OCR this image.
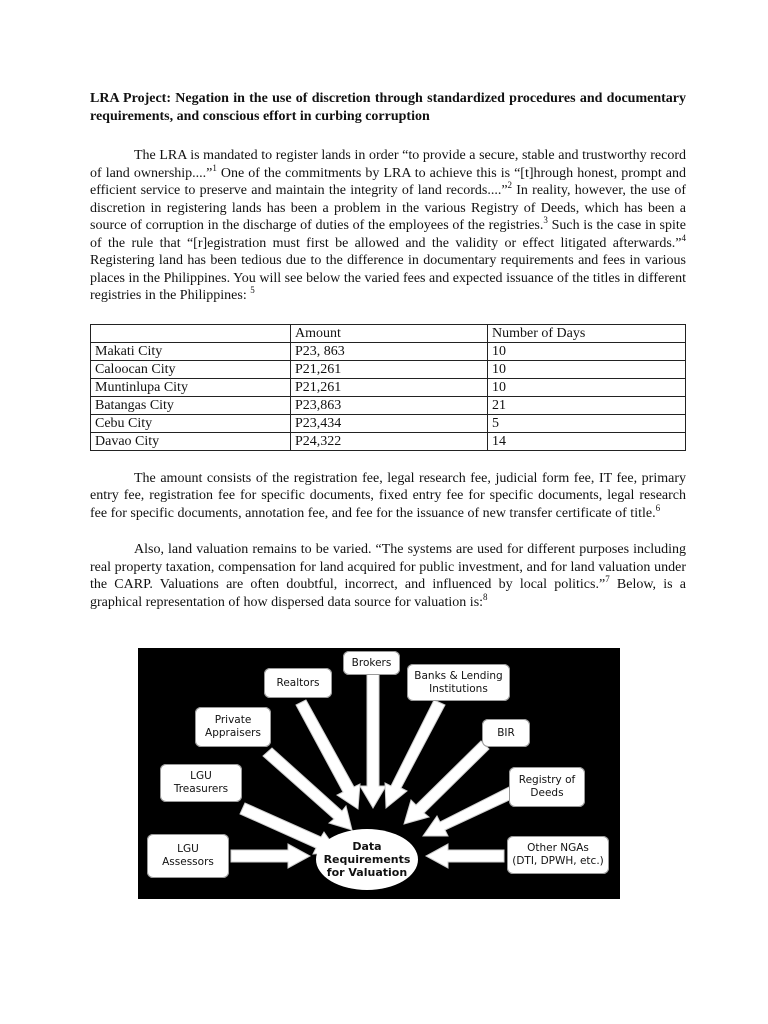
LRA Project: Negation in the use of discretion through standardized procedures and documentary requirements, and conscious effort in curbing corruption

The LRA is mandated to register lands in order “to provide a secure, stable and trustworthy record of land ownership....”$^1$ One of the commitments by LRA to achieve this is “[t]hrough honest, prompt and efficient service to preserve and maintain the integrity of land records....”$^2$ In reality, however, the use of discretion in registering lands has been a problem in the various Registry of Deeds, which has been a source of corruption in the discharge of duties of the employees of the registries.$^3$ Such is the case in spite of the rule that “[r]egistration must first be allowed and the validity or effect litigated afterwards.”$^4$ Registering land has been tedious due to the difference in documentary requirements and fees in various places in the Philippines. You will see below the varied fees and expected issuance of the titles in different registries in the Philippines: $^5$

	Amount	Number of Days
Makati City	P23, 863	10
Caloocan City	P21,261	10
Muntinlupa City	P21,261	10
Batangas City	P23,863	21
Cebu City	P23,434	5
Davao City	P24,322	14

The amount consists of the registration fee, legal research fee, judicial form fee, IT fee, primary entry fee, registration fee for specific documents, fixed entry fee for specific documents, legal research fee for specific documents, annotation fee, and fee for the issuance of new transfer certificate of title.$^6$

Also, land valuation remains to be varied. “The systems are used for different purposes including real property taxation, compensation for land acquired for public investment, and for land valuation under the CARP. Valuations are often doubtful, incorrect, and influenced by local politics.”$^7$ Below, is a graphical representation of how dispersed data source for valuation is:$^8$

LGU
Assessors
LGU
Treasurers
Private
Appraisers
Realtors
Brokers
Banks & Lending
Institutions
BIR
Registry of
Deeds
Other NGAs
(DTI, DPWH, etc.)
Data
Requirements
for Valuation
